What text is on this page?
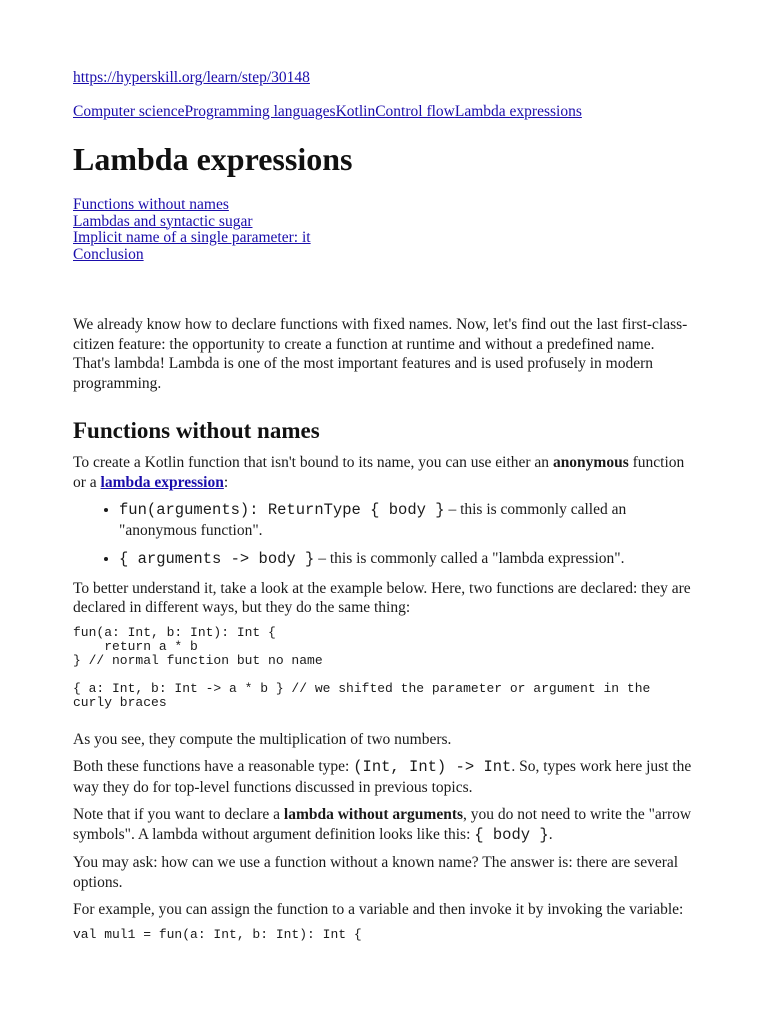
https://hyperskill.org/learn/step/30148
Computer scienceProgramming languagesKotlinControl flowLambda expressions
Lambda expressions
Functions without names
Lambdas and syntactic sugar
Implicit name of a single parameter: it
Conclusion

We already know how to declare functions with fixed names. Now, let's find out the last first-class-citizen feature: the opportunity to create a function at runtime and without a predefined name. That's lambda! Lambda is one of the most important features and is used profusely in modern programming.

Functions without names

To create a Kotlin function that isn't bound to its name, you can use either an anonymous function or a lambda expression:

• fun(arguments): ReturnType { body } – this is commonly called an "anonymous function".
• { arguments -> body } – this is commonly called a "lambda expression".

To better understand it, take a look at the example below. Here, two functions are declared: they are declared in different ways, but they do the same thing:

fun(a: Int, b: Int): Int {
return a * b
} // normal function but no name
{ a: Int, b: Int -> a * b } // we shifted the parameter or argument in the curly braces

As you see, they compute the multiplication of two numbers.

Both these functions have a reasonable type: (Int, Int) -> Int. So, types work here just the way they do for top-level functions discussed in previous topics.

Note that if you want to declare a lambda without arguments, you do not need to write the "arrow symbols". A lambda without argument definition looks like this: { body }.

You may ask: how can we use a function without a known name? The answer is: there are several options.

For example, you can assign the function to a variable and then invoke it by invoking the variable:

val mul1 = fun(a: Int, b: Int): Int {
